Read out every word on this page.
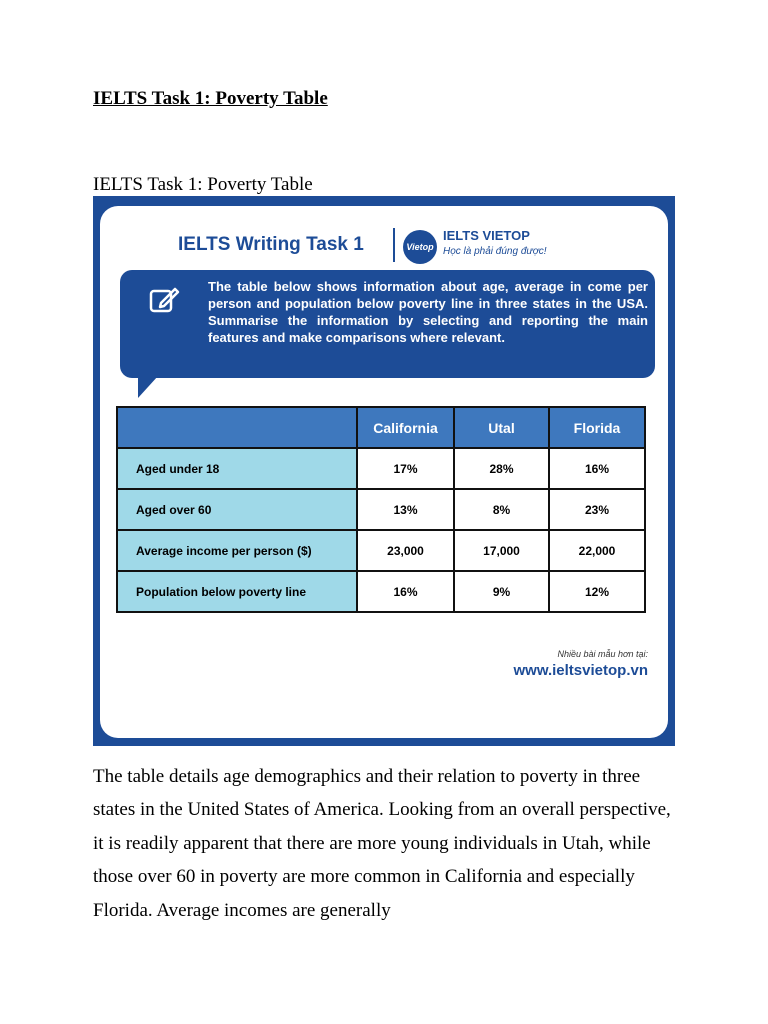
IELTS Task 1: Poverty Table
IELTS Task 1: Poverty Table
IELTS Writing Task 1	Vietop
IELTS VIETOP
Học là phải đúng được!
The table below shows information about age, average in come per person and population below poverty line in three states in the USA. Summarise the information by selecting and reporting the main features and make comparisons where relevant.
	California	Utal	Florida
Aged under 18	17%	28%	16%
Aged over 60	13%	8%	23%
Average income per person ($)	23,000	17,000	22,000
Population below poverty line	16%	9%	12%
Nhiều bài mẫu hơn tại:
www.ieltsvietop.vn

The table details age demographics and their relation to poverty in three states in the United States of America. Looking from an overall perspective, it is readily apparent that there are more young individuals in Utah, while those over 60 in poverty are more common in California and especially Florida. Average incomes are generally
